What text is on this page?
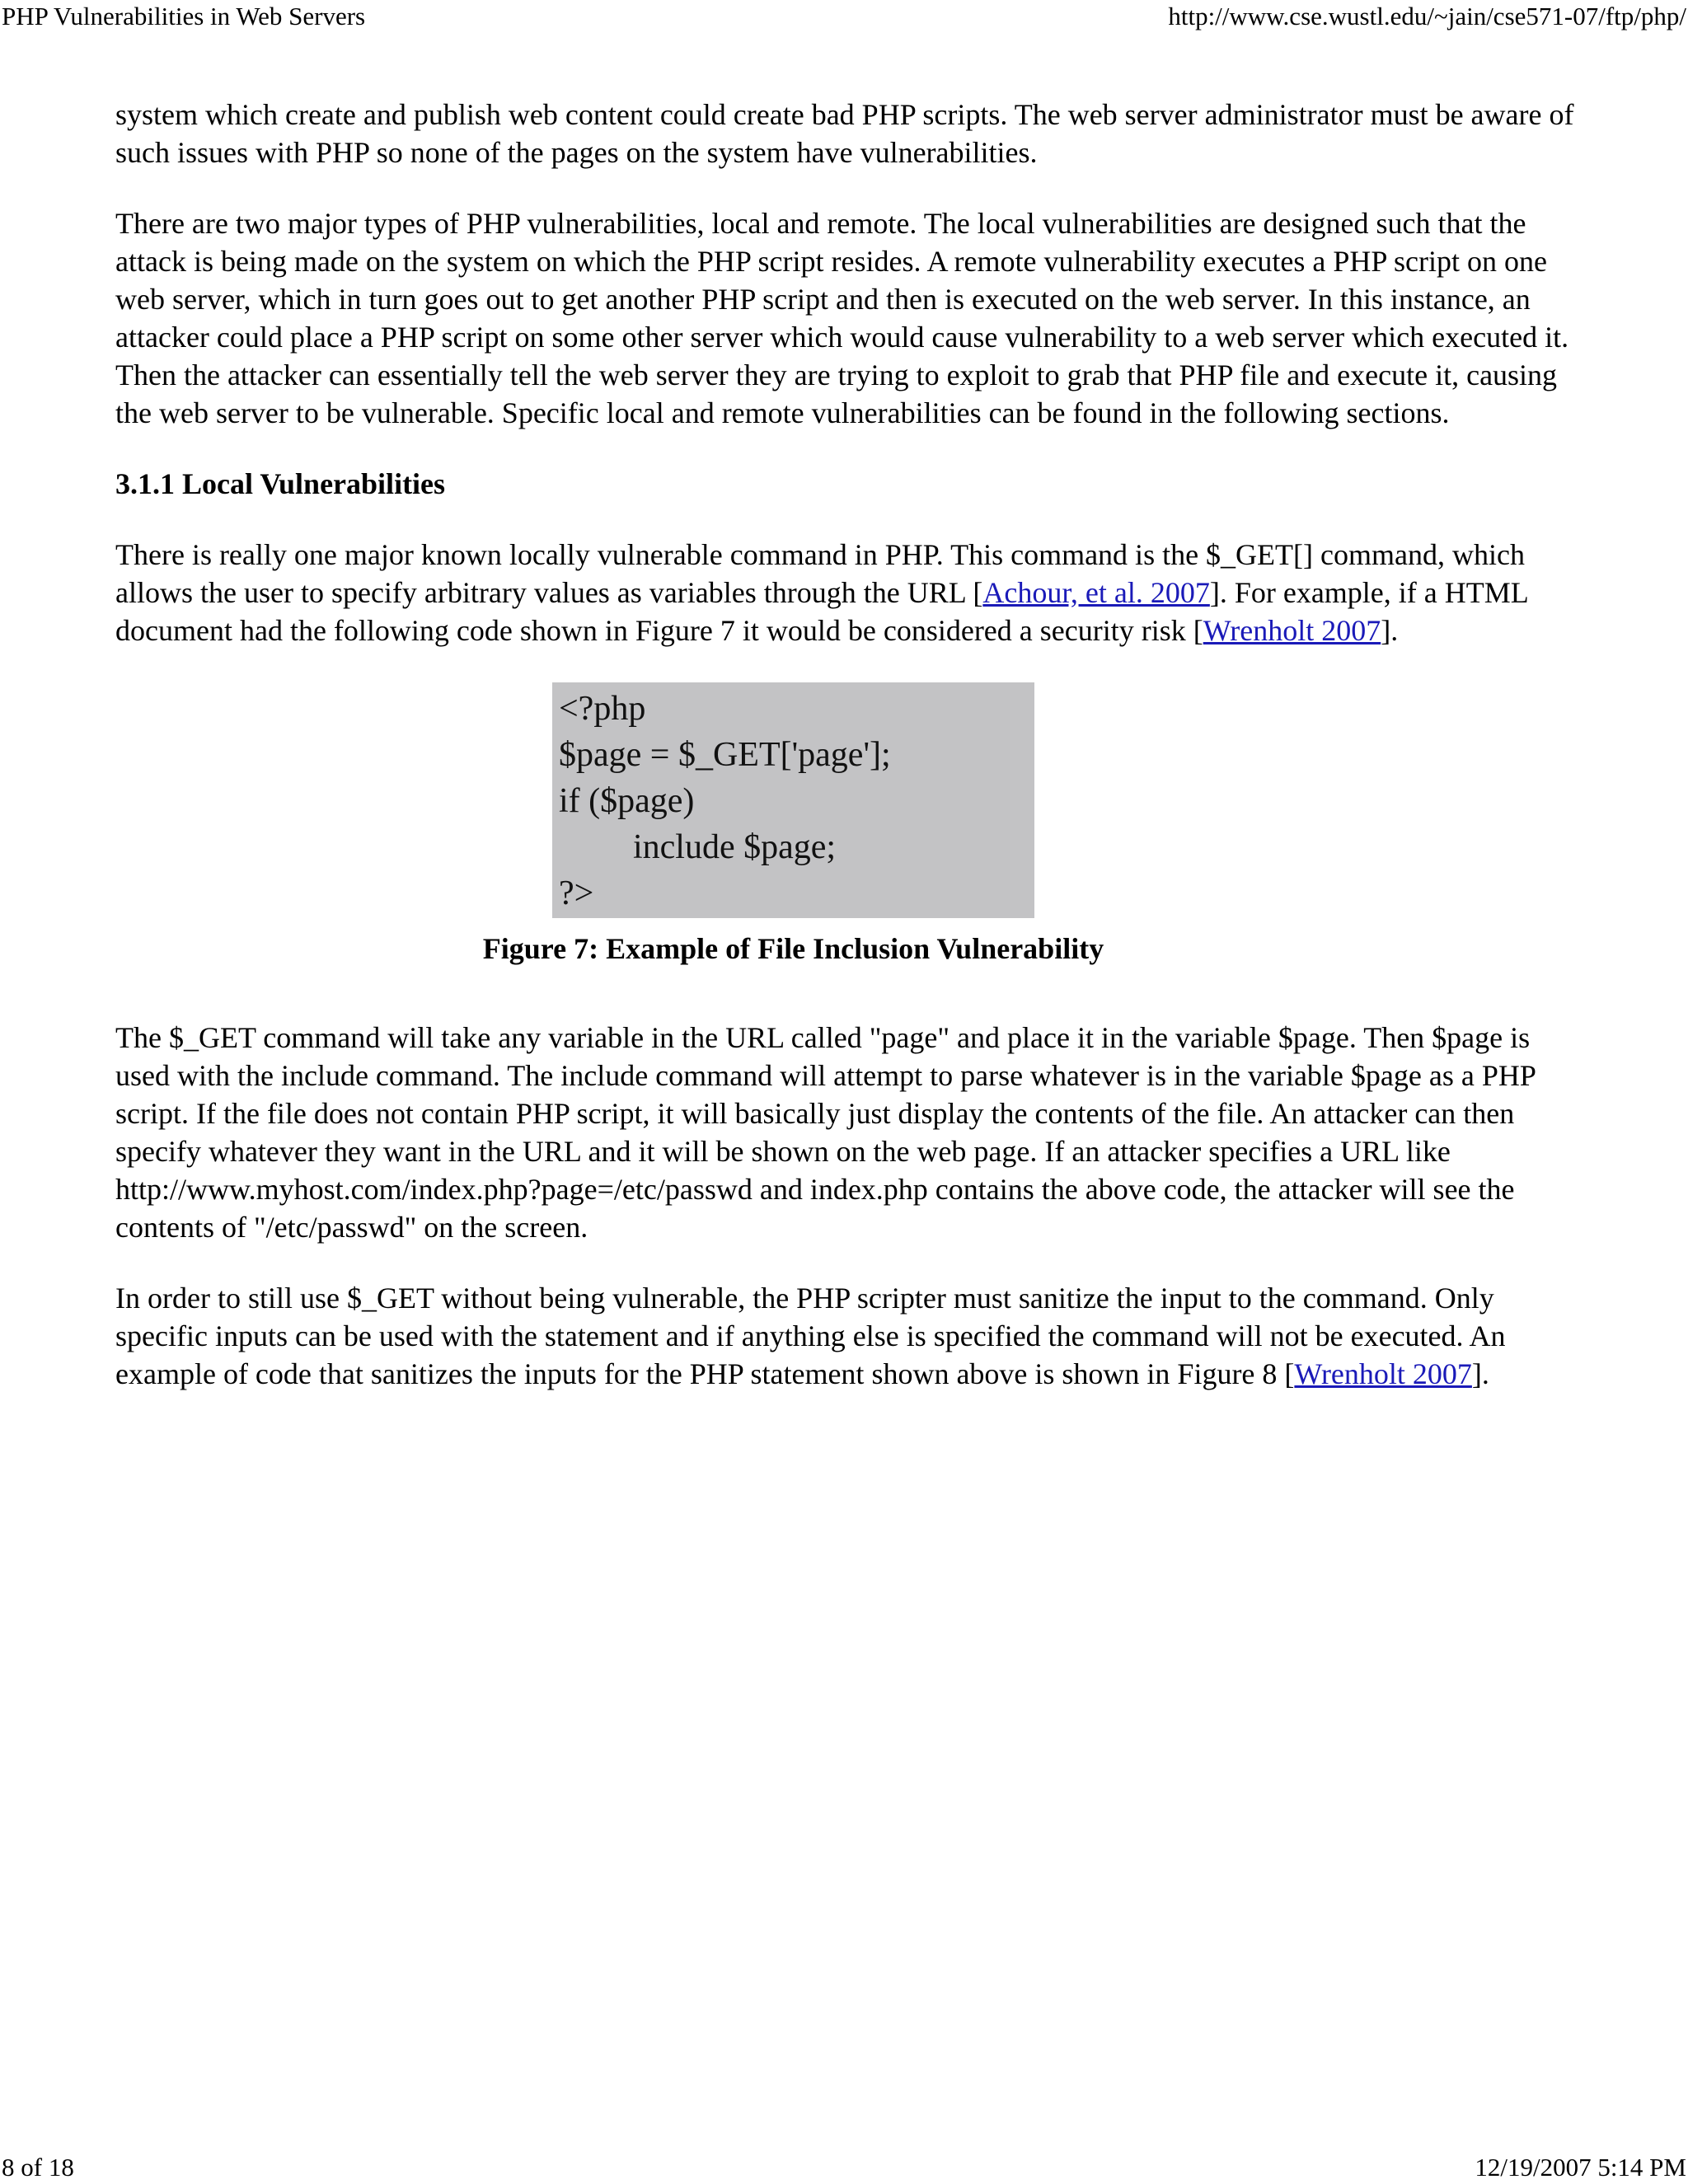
PHP Vulnerabilities in Web Servers	http://www.cse.wustl.edu/~jain/cse571-07/ftp/php/

system which create and publish web content could create bad PHP scripts. The web server administrator must be aware of such issues with PHP so none of the pages on the system have vulnerabilities.

There are two major types of PHP vulnerabilities, local and remote. The local vulnerabilities are designed such that the attack is being made on the system on which the PHP script resides. A remote vulnerability executes a PHP script on one web server, which in turn goes out to get another PHP script and then is executed on the web server. In this instance, an attacker could place a PHP script on some other server which would cause vulnerability to a web server which executed it. Then the attacker can essentially tell the web server they are trying to exploit to grab that PHP file and execute it, causing the web server to be vulnerable. Specific local and remote vulnerabilities can be found in the following sections.

3.1.1 Local Vulnerabilities

There is really one major known locally vulnerable command in PHP. This command is the $_GET[] command, which allows the user to specify arbitrary values as variables through the URL [Achour, et al. 2007]. For example, if a HTML document had the following code shown in Figure 7 it would be considered a security risk [Wrenholt 2007].

<?php
$page = $_GET['page'];
if ($page)
include $page;
?>
Figure 7: Example of File Inclusion Vulnerability

The $_GET command will take any variable in the URL called "page" and place it in the variable $page. Then $page is used with the include command. The include command will attempt to parse whatever is in the variable $page as a PHP script. If the file does not contain PHP script, it will basically just display the contents of the file. An attacker can then specify whatever they want in the URL and it will be shown on the web page. If an attacker specifies a URL like http://www.myhost.com/index.php?page=/etc/passwd and index.php contains the above code, the attacker will see the contents of "/etc/passwd" on the screen.

In order to still use $_GET without being vulnerable, the PHP scripter must sanitize the input to the command. Only specific inputs can be used with the statement and if anything else is specified the command will not be executed. An example of code that sanitizes the inputs for the PHP statement shown above is shown in Figure 8 [Wrenholt 2007].

8 of 18	12/19/2007 5:14 PM
